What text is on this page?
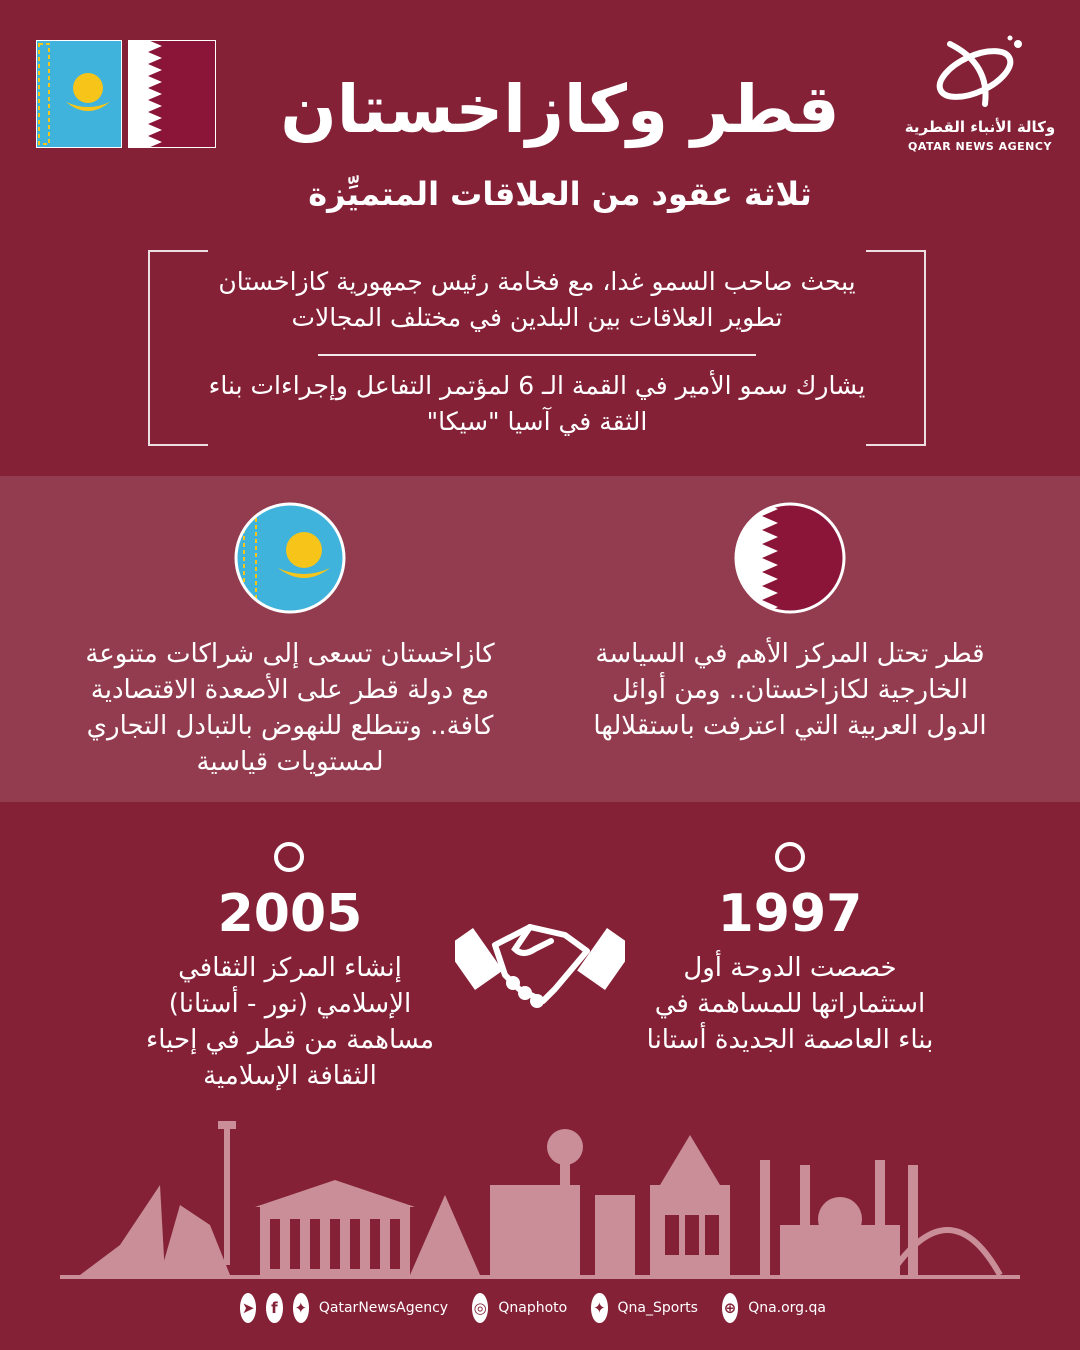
قطر وكازاخستان
ثلاثة عقود من العلاقات المتميِّزة
وكالة الأنباء القطرية
QATAR NEWS AGENCY
يبحث صاحب السمو غدا، مع فخامة رئيس جمهورية كازاخستان تطوير العلاقات بين البلدين في مختلف المجالات
يشارك سمو الأمير في القمة الـ 6 لمؤتمر التفاعل وإجراءات بناء الثقة في آسيا "سيكا"
قطر تحتل المركز الأهم في السياسة الخارجية لكازاخستان.. ومن أوائل الدول العربية التي اعترفت باستقلالها
كازاخستان تسعى إلى شراكات متنوعة مع دولة قطر على الأصعدة الاقتصادية كافة.. وتتطلع للنهوض بالتبادل التجاري لمستويات قياسية
1997
2005
خصصت الدوحة أول استثماراتها للمساهمة في بناء العاصمة الجديدة أستانا
إنشاء المركز الثقافي الإسلامي (نور - أستانا) مساهمة من قطر في إحياء الثقافة الإسلامية
➤	f	✦ QatarNewsAgency ◎ Qnaphoto ✦ Qna_Sports ⊕ Qna.org.qa
